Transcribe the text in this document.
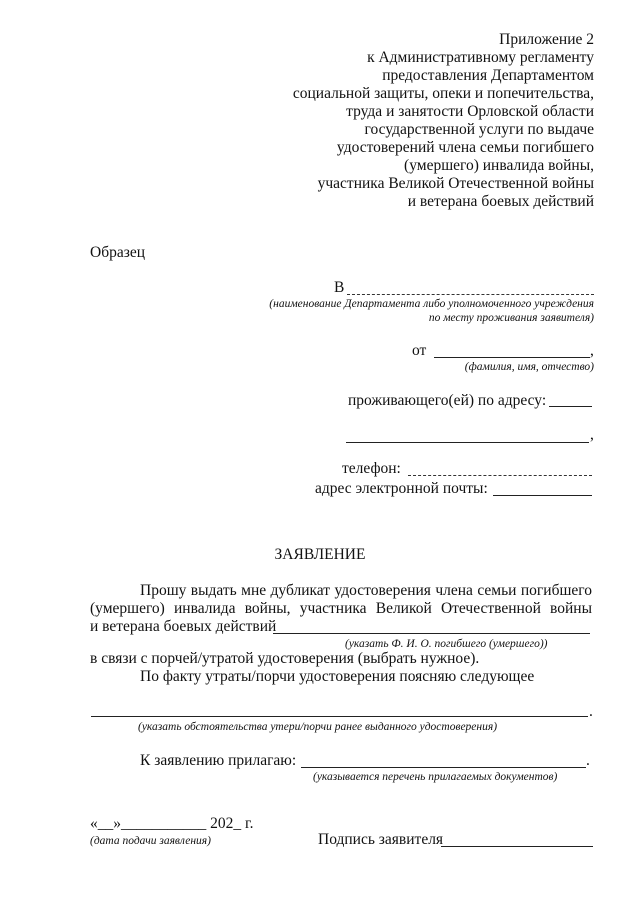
Приложение 2
к Административному регламенту
предоставления Департаментом
социальной защиты, опеки и попечительства,
труда и занятости Орловской области
государственной услуги по выдаче
удостоверений члена семьи погибшего
(умершего) инвалида войны,
участника Великой Отечественной войны
и ветерана боевых действий
Образец
В
(наименование Департамента либо уполномоченного учреждения
по месту проживания заявителя)
от	,
(фамилия, имя, отчество)
проживающего(ей) по адресу:
,
телефон:
адрес электронной почты:
ЗАЯВЛЕНИЕ
Прошу выдать мне дубликат удостоверения члена семьи погибшего
(умершего) инвалида войны, участника Великой Отечественной войны
и ветерана боевых действий
(указать Ф. И. О. погибшего (умершего))
в связи с порчей/утратой удостоверения (выбрать нужное).
По факту утраты/порчи удостоверения поясняю следующее
.
(указать обстоятельства утери/порчи ранее выданного удостоверения)
К заявлению прилагаю:	.
(указывается перечень прилагаемых документов)
«__»___________ 202_ г.
(дата подачи заявления)	Подпись заявителя
